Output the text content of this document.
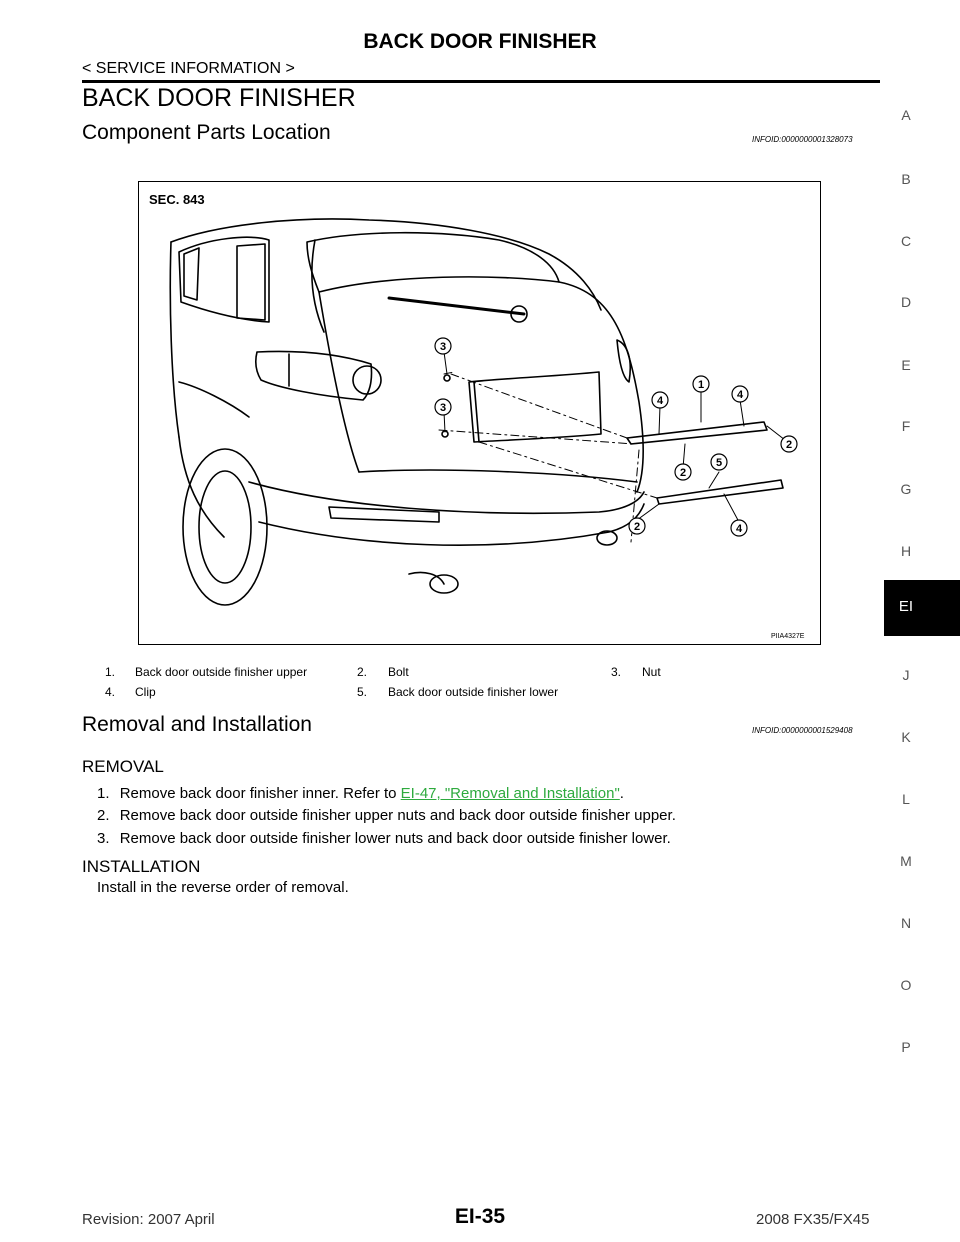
BACK DOOR FINISHER
< SERVICE INFORMATION >
BACK DOOR FINISHER
Component Parts Location	INFOID:0000000001328073
SEC. 843
PIIA4327E
1
2
2
2
3
3
4	4
4
5
1. Back door outside finisher upper	2. Bolt	3. Nut
4. Clip	5. Back door outside finisher lower
Removal and Installation	INFOID:0000000001529408
REMOVAL
1. Remove back door finisher inner. Refer to EI-47, "Removal and Installation".
2. Remove back door outside finisher upper nuts and back door outside finisher upper.
3. Remove back door outside finisher lower nuts and back door outside finisher lower.
INSTALLATION
Install in the reverse order of removal.
A
B
C
D
E
F
G
H
J
K
L
M
N
O
P
EI
Revision: 2007 April	EI-35	2008 FX35/FX45
